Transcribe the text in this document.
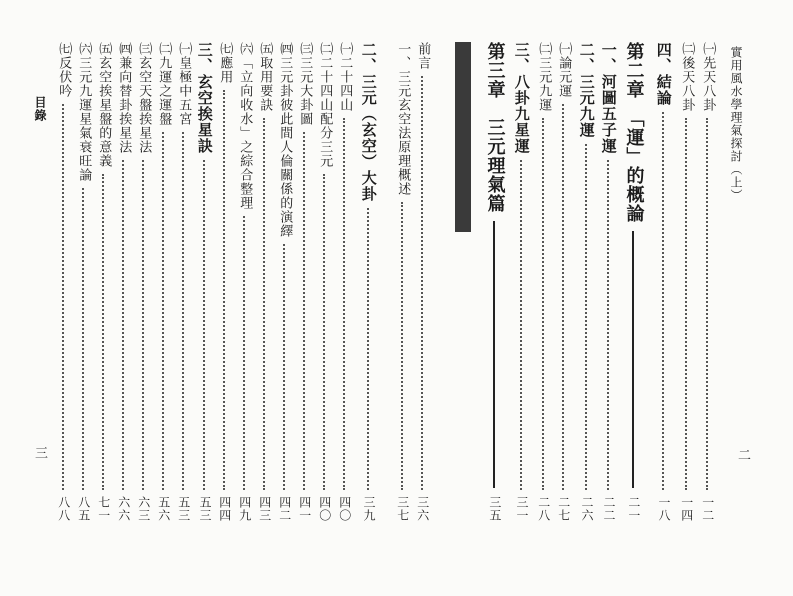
實用風水學理氣探討（上）
二
三
目錄	㈠先天八卦
一二
㈡後天八卦
一四
四、結論
一八
第二章　「運」的概論
二一
一、河圖五子運
二二
二、三元九運
二六
㈠論元運
二七
㈡三元九運
二八
三、八卦九星運
三一
第三章　三元理氣篇
三五
前言
三六
一、三元玄空法原理概述
三七
二、三元（玄空）大卦
三九
㈠二十四山
四〇
㈡二十四山配分三元
四〇
㈢三元大卦圖
四一
㈣三元卦彼此間人倫關係的演繹
四二
㈤取用要訣
四三
㈥「立向收水」之綜合整理
四九
㈦應用
四四
三、玄空挨星訣
五三
㈠皇極中五宮
五三
㈡九運之運盤
五六
㈢玄空天盤挨星法
六三
㈣兼向替卦挨星法
六六
㈤玄空挨星盤的意義
七一
㈥三元九運星氣衰旺論
八五
㈦反伏吟
八八
